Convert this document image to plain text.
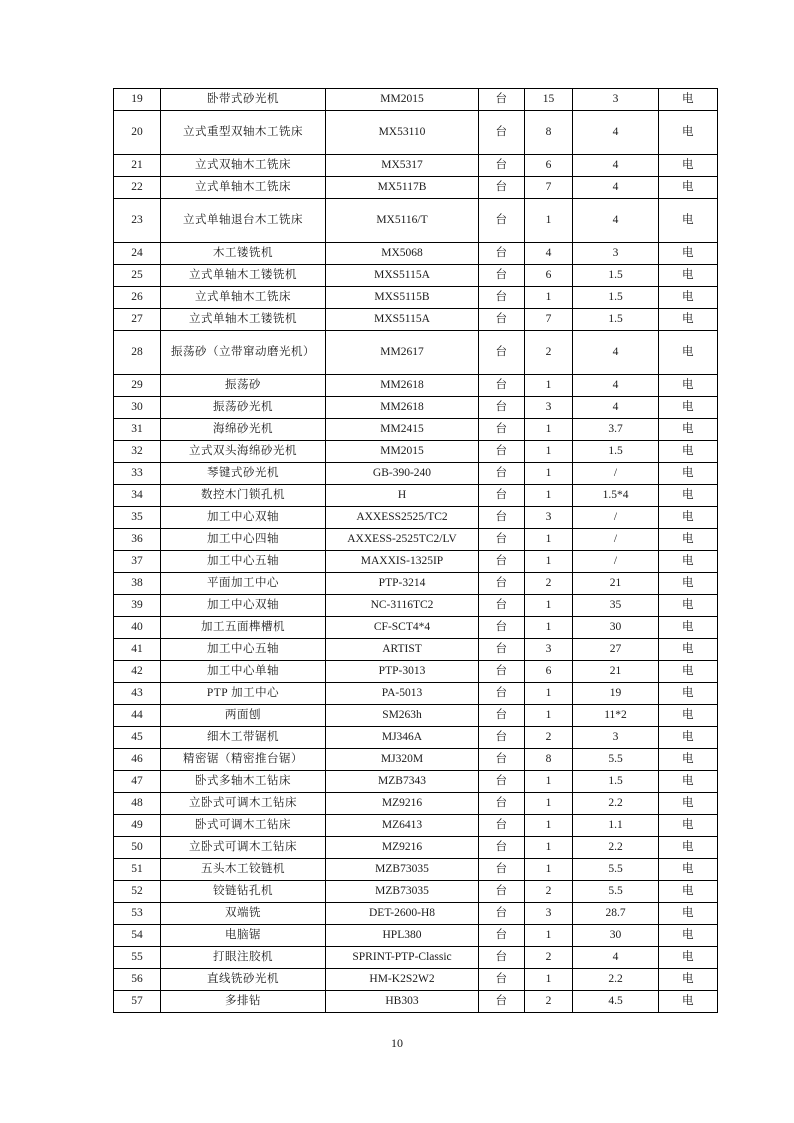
19	卧带式砂光机	MM2015	台	15	3	电
20	立式重型双轴木工铣床	MX53110	台	8	4	电
21	立式双轴木工铣床	MX5317	台	6	4	电
22	立式单轴木工铣床	MX5117B	台	7	4	电
23	立式单轴退台木工铣床	MX5116/T	台	1	4	电
24	木工镂铣机	MX5068	台	4	3	电
25	立式单轴木工镂铣机	MXS5115A	台	6	1.5	电
26	立式单轴木工铣床	MXS5115B	台	1	1.5	电
27	立式单轴木工镂铣机	MXS5115A	台	7	1.5	电
28	振荡砂（立带窜动磨光机）	MM2617	台	2	4	电
29	振荡砂	MM2618	台	1	4	电
30	振荡砂光机	MM2618	台	3	4	电
31	海绵砂光机	MM2415	台	1	3.7	电
32	立式双头海绵砂光机	MM2015	台	1	1.5	电
33	琴键式砂光机	GB-390-240	台	1	/	电
34	数控木门锁孔机	H	台	1	1.5*4	电
35	加工中心双轴	AXXESS2525/TC2	台	3	/	电
36	加工中心四轴	AXXESS-2525TC2/LV	台	1	/	电
37	加工中心五轴	MAXXIS-1325IP	台	1	/	电
38	平面加工中心	PTP-3214	台	2	21	电
39	加工中心双轴	NC-3116TC2	台	1	35	电
40	加工五面榫槽机	CF-SCT4*4	台	1	30	电
41	加工中心五轴	ARTIST	台	3	27	电
42	加工中心单轴	PTP-3013	台	6	21	电
43	PTP 加工中心	PA-5013	台	1	19	电
44	两面刨	SM263h	台	1	11*2	电
45	细木工带锯机	MJ346A	台	2	3	电
46	精密锯（精密推台锯）	MJ320M	台	8	5.5	电
47	卧式多轴木工钻床	MZB7343	台	1	1.5	电
48	立卧式可调木工钻床	MZ9216	台	1	2.2	电
49	卧式可调木工钻床	MZ6413	台	1	1.1	电
50	立卧式可调木工钻床	MZ9216	台	1	2.2	电
51	五头木工铰链机	MZB73035	台	1	5.5	电
52	铰链钻孔机	MZB73035	台	2	5.5	电
53	双端铣	DET-2600-H8	台	3	28.7	电
54	电脑锯	HPL380	台	1	30	电
55	打眼注胶机	SPRINT-PTP-Classic	台	2	4	电
56	直线铣砂光机	HM-K2S2W2	台	1	2.2	电
57	多排钻	HB303	台	2	4.5	电
10
